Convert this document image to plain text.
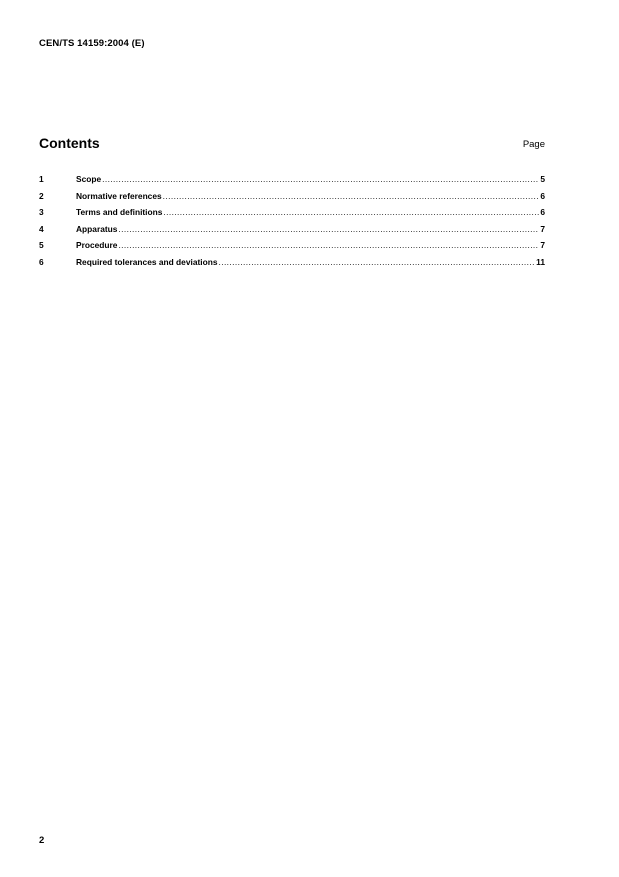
CEN/TS 14159:2004 (E)
Contents	Page
1	Scope .....	5
2	Normative references .....	6
3	Terms and definitions .....	6
4	Apparatus .....	7
5	Procedure .....	7
6	Required tolerances and deviations .....	11
2
